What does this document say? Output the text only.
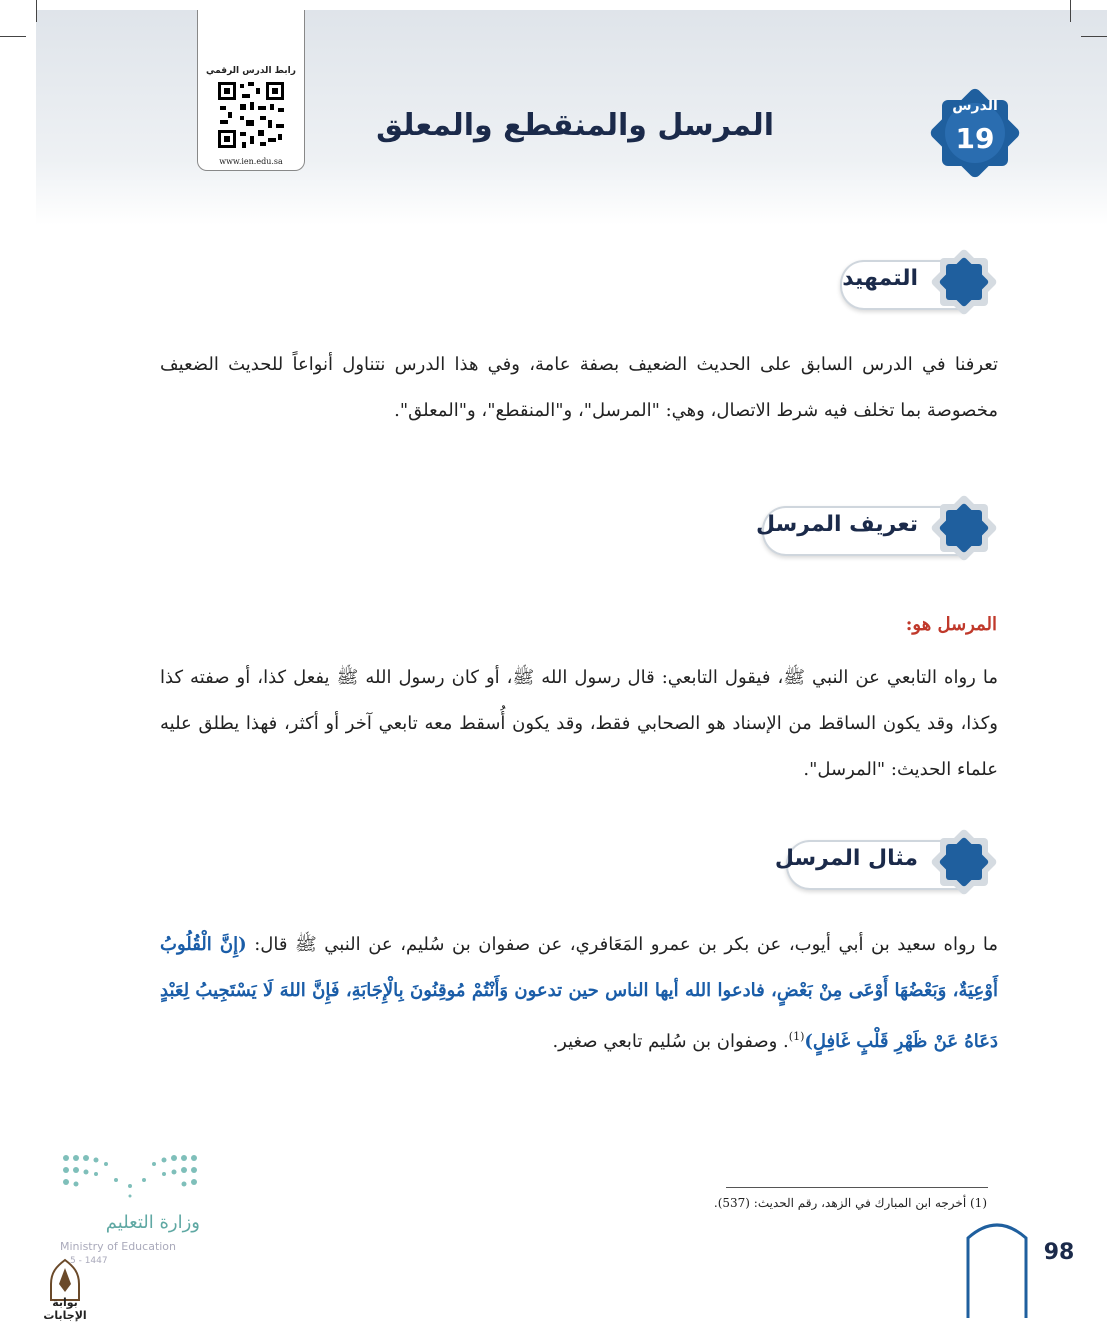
رابط الدرس الرقمي
www.ien.edu.sa
الدرس
19
المرسل والمنقطع والمعلق
التمهيد
تعرفنا في الدرس السابق على الحديث الضعيف بصفة عامة، وفي هذا الدرس نتناول أنواعاً للحديث الضعيف مخصوصة بما تخلف فيه شرط الاتصال، وهي: "المرسل"، و"المنقطع"، و"المعلق".
تعريف المرسل
المرسل هو:
ما رواه التابعي عن النبي ﷺ، فيقول التابعي: قال رسول الله ﷺ، أو كان رسول الله ﷺ يفعل كذا، أو صفته كذا وكذا، وقد يكون الساقط من الإسناد هو الصحابي فقط، وقد يكون أُسقط معه تابعي آخر أو أكثر، فهذا يطلق عليه علماء الحديث: "المرسل".
مثال المرسل
ما رواه سعيد بن أبي أيوب، عن بكر بن عمرو المَعَافري، عن صفوان بن سُليم، عن النبي ﷺ قال: (إِنَّ الْقُلُوبُ أَوْعِيَةٌ، وَبَعْضُهَا أَوْعَى مِنْ بَعْضٍ، فادعوا الله أيها الناس حين تدعون وَأَنْتُمْ مُوقِنُونَ بِالْإِجَابَةِ، فَإِنَّ اللهَ لَا يَسْتَجِيبُ لِعَبْدٍ دَعَاهُ عَنْ ظَهْرِ قَلْبٍ غَافِلٍ)$^{(1)}$. وصفوان بن سُليم تابعي صغير.
(1) أخرجه ابن المبارك في الزهد، رقم الحديث: (537).
98
وزارة التعليم
Ministry of Education
5 - 1447
بوابة الإجابات
